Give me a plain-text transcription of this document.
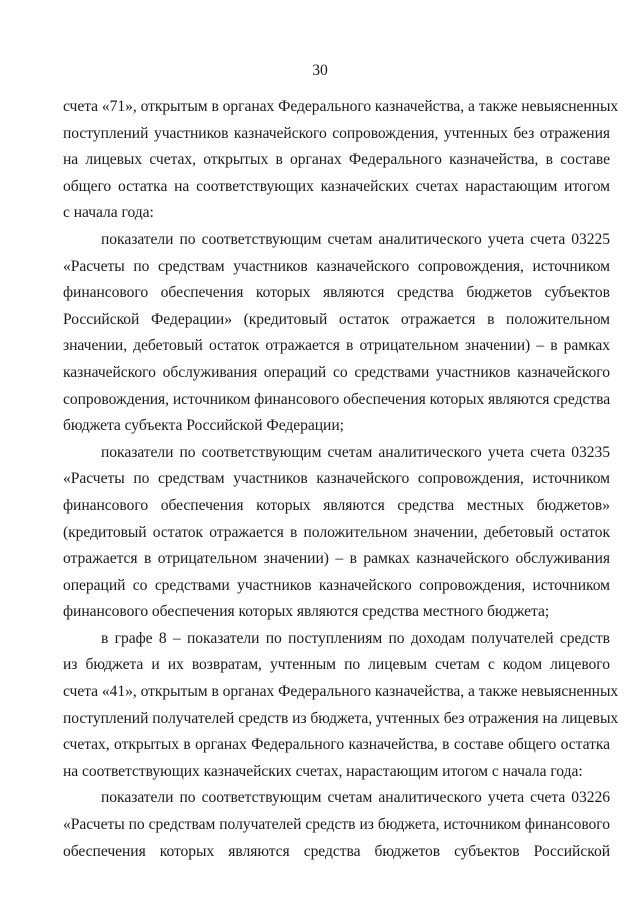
30
счета «71», открытым в органах Федерального казначейства, а также невыясненных
поступлений участников казначейского сопровождения, учтенных без отражения
на лицевых счетах, открытых в органах Федерального казначейства, в составе
общего остатка на соответствующих казначейских счетах нарастающим итогом
с начала года:
показатели по соответствующим счетам аналитического учета счета 03225
«Расчеты по средствам участников казначейского сопровождения, источником
финансового обеспечения которых являются средства бюджетов субъектов
Российской Федерации» (кредитовый остаток отражается в положительном
значении, дебетовый остаток отражается в отрицательном значении) – в рамках
казначейского обслуживания операций со средствами участников казначейского
сопровождения, источником финансового обеспечения которых являются средства
бюджета субъекта Российской Федерации;
показатели по соответствующим счетам аналитического учета счета 03235
«Расчеты по средствам участников казначейского сопровождения, источником
финансового обеспечения которых являются средства местных бюджетов»
(кредитовый остаток отражается в положительном значении, дебетовый остаток
отражается в отрицательном значении) – в рамках казначейского обслуживания
операций со средствами участников казначейского сопровождения, источником
финансового обеспечения которых являются средства местного бюджета;
в графе 8 – показатели по поступлениям по доходам получателей средств
из бюджета и их возвратам, учтенным по лицевым счетам с кодом лицевого
счета «41», открытым в органах Федерального казначейства, а также невыясненных
поступлений получателей средств из бюджета, учтенных без отражения на лицевых
счетах, открытых в органах Федерального казначейства, в составе общего остатка
на соответствующих казначейских счетах, нарастающим итогом с начала года:
показатели по соответствующим счетам аналитического учета счета 03226
«Расчеты по средствам получателей средств из бюджета, источником финансового
обеспечения которых являются средства бюджетов субъектов Российской
